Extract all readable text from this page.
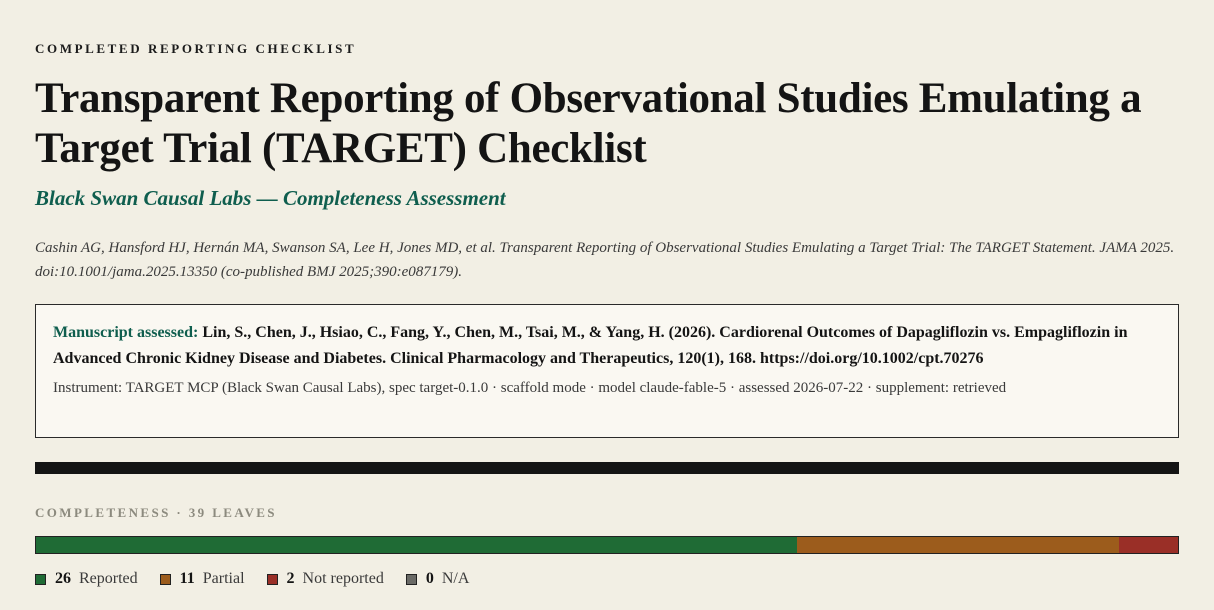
COMPLETED REPORTING CHECKLIST
Transparent Reporting of Observational Studies Emulating a Target Trial (TARGET) Checklist
Black Swan Causal Labs — Completeness Assessment
Cashin AG, Hansford HJ, Hernán MA, Swanson SA, Lee H, Jones MD, et al. Transparent Reporting of Observational Studies Emulating a Target Trial: The TARGET Statement. JAMA 2025. doi:10.1001/jama.2025.13350 (co-published BMJ 2025;390:e087179).
Manuscript assessed: Lin, S., Chen, J., Hsiao, C., Fang, Y., Chen, M., Tsai, M., & Yang, H. (2026). Cardiorenal Outcomes of Dapagliflozin vs. Empagliflozin in Advanced Chronic Kidney Disease and Diabetes. Clinical Pharmacology and Therapeutics, 120(1), 168. https://doi.org/10.1002/cpt.70276
Instrument: TARGET MCP (Black Swan Causal Labs), spec target-0.1.0 · scaffold mode · model claude-fable-5 · assessed 2026-07-22 · supplement: retrieved
COMPLETENESS · 39 LEAVES
26 Reported	11 Partial	2 Not reported	0 N/A
